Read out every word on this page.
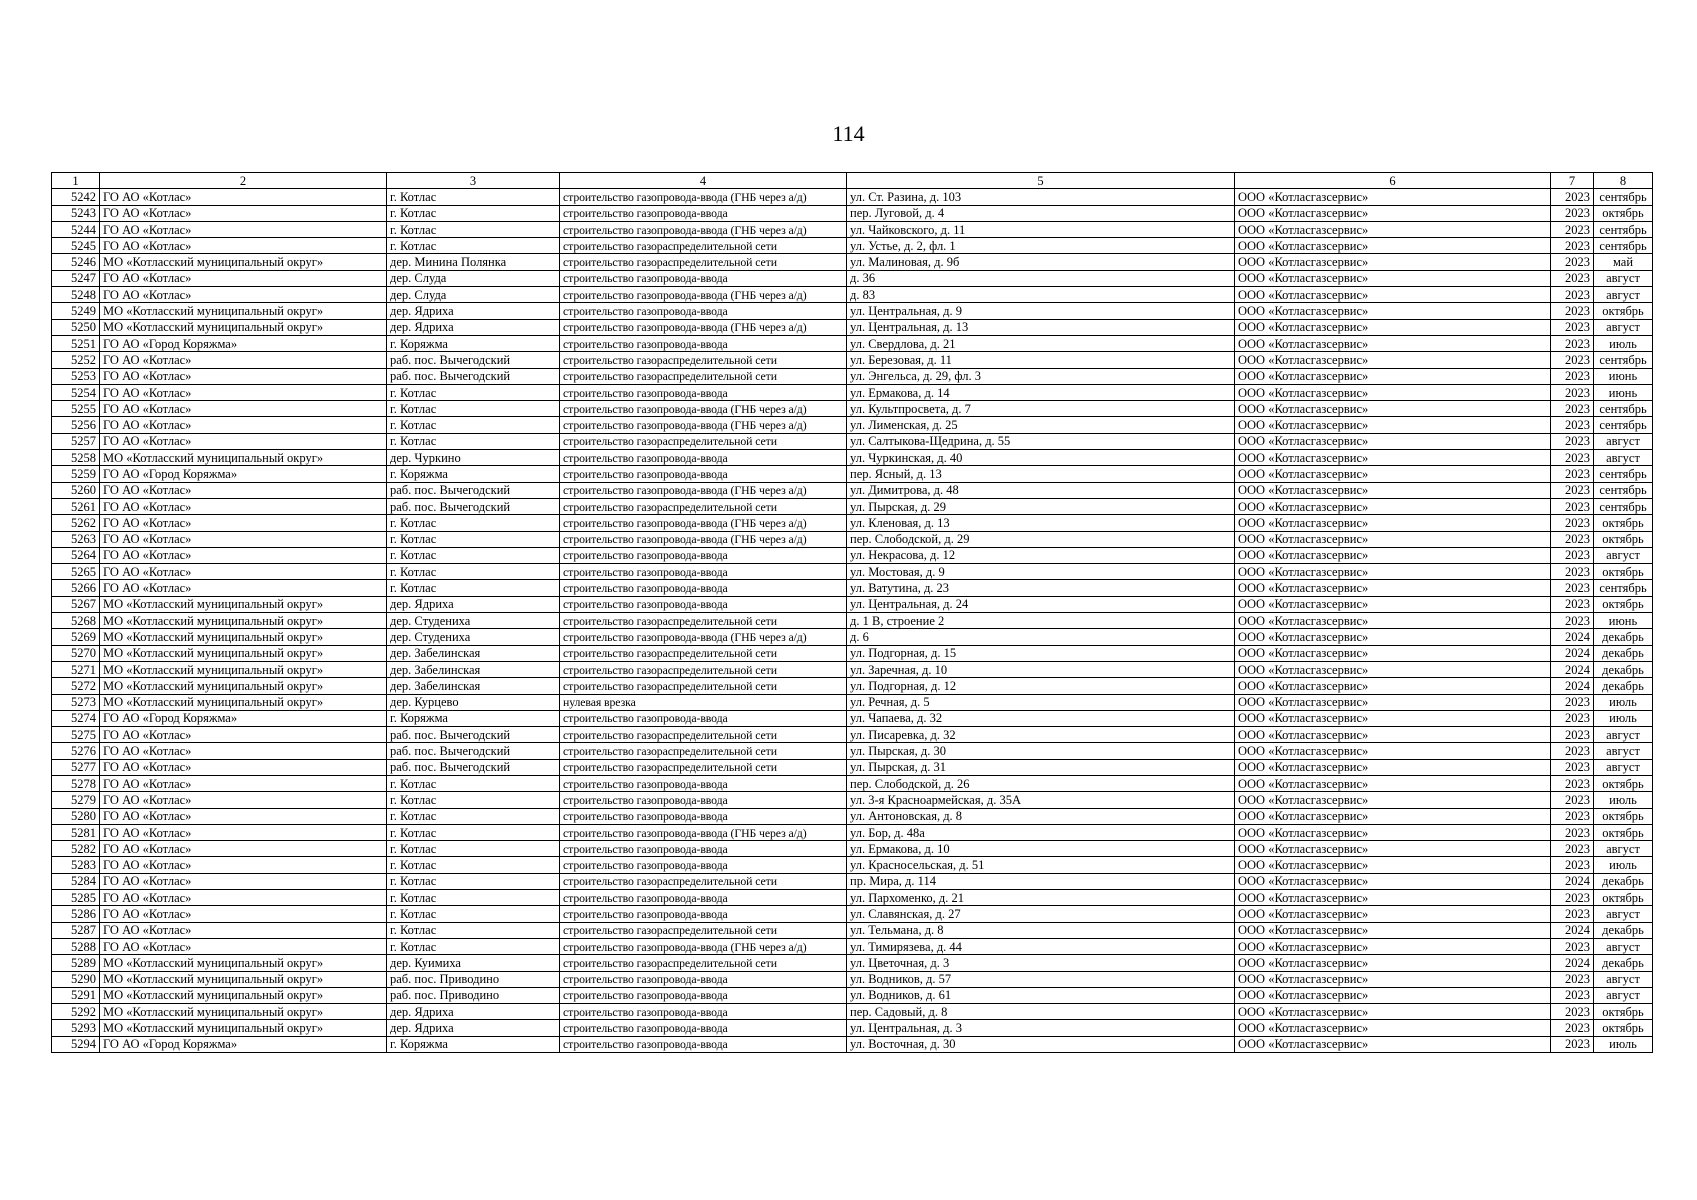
114
1	2	3	4	5	6	7	8
5242	ГО АО «Котлас»	г. Котлас	строительство газопровода-ввода (ГНБ через а/д)	ул. Ст. Разина, д. 103	ООО «Котласгазсервис»	2023	сентябрь
5243	ГО АО «Котлас»	г. Котлас	строительство газопровода-ввода	пер. Луговой, д. 4	ООО «Котласгазсервис»	2023	октябрь
5244	ГО АО «Котлас»	г. Котлас	строительство газопровода-ввода (ГНБ через а/д)	ул. Чайковского, д. 11	ООО «Котласгазсервис»	2023	сентябрь
5245	ГО АО «Котлас»	г. Котлас	строительство газораспределительной сети	ул. Устье, д. 2, фл. 1	ООО «Котласгазсервис»	2023	сентябрь
5246	МО «Котласский муниципальный округ»	дер. Минина Полянка	строительство газораспределительной сети	ул. Малиновая, д. 9б	ООО «Котласгазсервис»	2023	май
5247	ГО АО «Котлас»	дер. Слуда	строительство газопровода-ввода	д. 36	ООО «Котласгазсервис»	2023	август
5248	ГО АО «Котлас»	дер. Слуда	строительство газопровода-ввода (ГНБ через а/д)	д. 83	ООО «Котласгазсервис»	2023	август
5249	МО «Котласский муниципальный округ»	дер. Ядриха	строительство газопровода-ввода	ул. Центральная, д. 9	ООО «Котласгазсервис»	2023	октябрь
5250	МО «Котласский муниципальный округ»	дер. Ядриха	строительство газопровода-ввода (ГНБ через а/д)	ул. Центральная, д. 13	ООО «Котласгазсервис»	2023	август
5251	ГО АО «Город Коряжма»	г. Коряжма	строительство газопровода-ввода	ул. Свердлова, д. 21	ООО «Котласгазсервис»	2023	июль
5252	ГО АО «Котлас»	раб. пос. Вычегодский	строительство газораспределительной сети	ул. Березовая, д. 11	ООО «Котласгазсервис»	2023	сентябрь
5253	ГО АО «Котлас»	раб. пос. Вычегодский	строительство газораспределительной сети	ул. Энгельса, д. 29, фл. 3	ООО «Котласгазсервис»	2023	июнь
5254	ГО АО «Котлас»	г. Котлас	строительство газопровода-ввода	ул. Ермакова, д. 14	ООО «Котласгазсервис»	2023	июнь
5255	ГО АО «Котлас»	г. Котлас	строительство газопровода-ввода (ГНБ через а/д)	ул. Культпросвета, д. 7	ООО «Котласгазсервис»	2023	сентябрь
5256	ГО АО «Котлас»	г. Котлас	строительство газопровода-ввода (ГНБ через а/д)	ул. Лименская, д. 25	ООО «Котласгазсервис»	2023	сентябрь
5257	ГО АО «Котлас»	г. Котлас	строительство газораспределительной сети	ул. Салтыкова-Щедрина, д. 55	ООО «Котласгазсервис»	2023	август
5258	МО «Котласский муниципальный округ»	дер. Чуркино	строительство газопровода-ввода	ул. Чуркинская, д. 40	ООО «Котласгазсервис»	2023	август
5259	ГО АО «Город Коряжма»	г. Коряжма	строительство газопровода-ввода	пер. Ясный, д. 13	ООО «Котласгазсервис»	2023	сентябрь
5260	ГО АО «Котлас»	раб. пос. Вычегодский	строительство газопровода-ввода (ГНБ через а/д)	ул. Димитрова, д. 48	ООО «Котласгазсервис»	2023	сентябрь
5261	ГО АО «Котлас»	раб. пос. Вычегодский	строительство газораспределительной сети	ул. Пырская, д. 29	ООО «Котласгазсервис»	2023	сентябрь
5262	ГО АО «Котлас»	г. Котлас	строительство газопровода-ввода (ГНБ через а/д)	ул. Кленовая, д. 13	ООО «Котласгазсервис»	2023	октябрь
5263	ГО АО «Котлас»	г. Котлас	строительство газопровода-ввода (ГНБ через а/д)	пер. Слободской, д. 29	ООО «Котласгазсервис»	2023	октябрь
5264	ГО АО «Котлас»	г. Котлас	строительство газопровода-ввода	ул. Некрасова, д. 12	ООО «Котласгазсервис»	2023	август
5265	ГО АО «Котлас»	г. Котлас	строительство газопровода-ввода	ул. Мостовая, д. 9	ООО «Котласгазсервис»	2023	октябрь
5266	ГО АО «Котлас»	г. Котлас	строительство газопровода-ввода	ул. Ватутина, д. 23	ООО «Котласгазсервис»	2023	сентябрь
5267	МО «Котласский муниципальный округ»	дер. Ядриха	строительство газопровода-ввода	ул. Центральная, д. 24	ООО «Котласгазсервис»	2023	октябрь
5268	МО «Котласский муниципальный округ»	дер. Студениха	строительство газораспределительной сети	д. 1 В, строение 2	ООО «Котласгазсервис»	2023	июнь
5269	МО «Котласский муниципальный округ»	дер. Студениха	строительство газопровода-ввода (ГНБ через а/д)	д. 6	ООО «Котласгазсервис»	2024	декабрь
5270	МО «Котласский муниципальный округ»	дер. Забелинская	строительство газораспределительной сети	ул. Подгорная, д. 15	ООО «Котласгазсервис»	2024	декабрь
5271	МО «Котласский муниципальный округ»	дер. Забелинская	строительство газораспределительной сети	ул. Заречная, д. 10	ООО «Котласгазсервис»	2024	декабрь
5272	МО «Котласский муниципальный округ»	дер. Забелинская	строительство газораспределительной сети	ул. Подгорная, д. 12	ООО «Котласгазсервис»	2024	декабрь
5273	МО «Котласский муниципальный округ»	дер. Курцево	нулевая врезка	ул. Речная, д. 5	ООО «Котласгазсервис»	2023	июль
5274	ГО АО «Город Коряжма»	г. Коряжма	строительство газопровода-ввода	ул. Чапаева, д. 32	ООО «Котласгазсервис»	2023	июль
5275	ГО АО «Котлас»	раб. пос. Вычегодский	строительство газораспределительной сети	ул. Писаревка, д. 32	ООО «Котласгазсервис»	2023	август
5276	ГО АО «Котлас»	раб. пос. Вычегодский	строительство газораспределительной сети	ул. Пырская, д. 30	ООО «Котласгазсервис»	2023	август
5277	ГО АО «Котлас»	раб. пос. Вычегодский	строительство газораспределительной сети	ул. Пырская, д. 31	ООО «Котласгазсервис»	2023	август
5278	ГО АО «Котлас»	г. Котлас	строительство газопровода-ввода	пер. Слободской, д. 26	ООО «Котласгазсервис»	2023	октябрь
5279	ГО АО «Котлас»	г. Котлас	строительство газопровода-ввода	ул. 3-я Красноармейская, д. 35А	ООО «Котласгазсервис»	2023	июль
5280	ГО АО «Котлас»	г. Котлас	строительство газопровода-ввода	ул. Антоновская, д. 8	ООО «Котласгазсервис»	2023	октябрь
5281	ГО АО «Котлас»	г. Котлас	строительство газопровода-ввода (ГНБ через а/д)	ул. Бор, д. 48а	ООО «Котласгазсервис»	2023	октябрь
5282	ГО АО «Котлас»	г. Котлас	строительство газопровода-ввода	ул. Ермакова, д. 10	ООО «Котласгазсервис»	2023	август
5283	ГО АО «Котлас»	г. Котлас	строительство газопровода-ввода	ул. Красносельская, д. 51	ООО «Котласгазсервис»	2023	июль
5284	ГО АО «Котлас»	г. Котлас	строительство газораспределительной сети	пр. Мира, д. 114	ООО «Котласгазсервис»	2024	декабрь
5285	ГО АО «Котлас»	г. Котлас	строительство газопровода-ввода	ул. Пархоменко, д. 21	ООО «Котласгазсервис»	2023	октябрь
5286	ГО АО «Котлас»	г. Котлас	строительство газопровода-ввода	ул. Славянская, д. 27	ООО «Котласгазсервис»	2023	август
5287	ГО АО «Котлас»	г. Котлас	строительство газораспределительной сети	ул. Тельмана, д. 8	ООО «Котласгазсервис»	2024	декабрь
5288	ГО АО «Котлас»	г. Котлас	строительство газопровода-ввода (ГНБ через а/д)	ул. Тимирязева, д. 44	ООО «Котласгазсервис»	2023	август
5289	МО «Котласский муниципальный округ»	дер. Куимиха	строительство газораспределительной сети	ул. Цветочная, д. 3	ООО «Котласгазсервис»	2024	декабрь
5290	МО «Котласский муниципальный округ»	раб. пос. Приводино	строительство газопровода-ввода	ул. Водников, д. 57	ООО «Котласгазсервис»	2023	август
5291	МО «Котласский муниципальный округ»	раб. пос. Приводино	строительство газопровода-ввода	ул. Водников, д. 61	ООО «Котласгазсервис»	2023	август
5292	МО «Котласский муниципальный округ»	дер. Ядриха	строительство газопровода-ввода	пер. Садовый, д. 8	ООО «Котласгазсервис»	2023	октябрь
5293	МО «Котласский муниципальный округ»	дер. Ядриха	строительство газопровода-ввода	ул. Центральная, д. 3	ООО «Котласгазсервис»	2023	октябрь
5294	ГО АО «Город Коряжма»	г. Коряжма	строительство газопровода-ввода	ул. Восточная, д. 30	ООО «Котласгазсервис»	2023	июль
